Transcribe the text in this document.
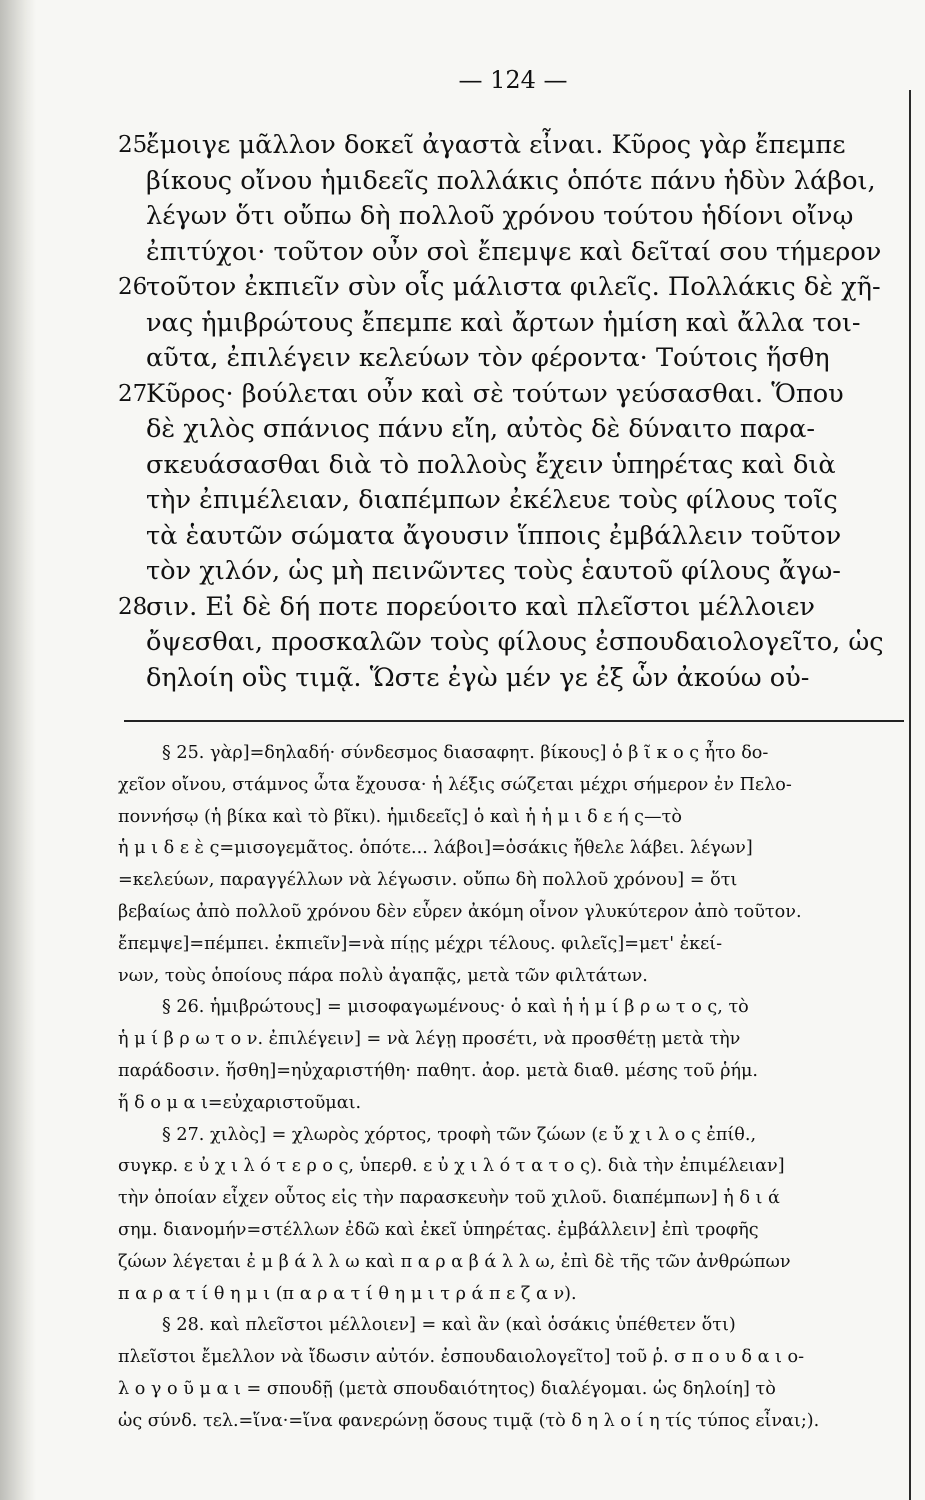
— 124 —
25
ἔμοιγε μᾶλλον δοκεῖ ἀγαστὰ εἶναι. Κῦρος γὰρ ἔπεμπε
βίκους οἴνου ἡμιδεεῖς πολλάκις ὁπότε πάνυ ἡδὺν λάβοι,
λέγων ὅτι οὔπω δὴ πολλοῦ χρόνου τούτου ἡδίονι οἴνῳ
ἐπιτύχοι· τοῦτον οὖν σοὶ ἔπεμψε καὶ δεῖταί σου τήμερον
26
τοῦτον ἐκπιεῖν σὺν οἷς μάλιστα φιλεῖς. Πολλάκις δὲ χῆ-
νας ἡμιβρώτους ἔπεμπε καὶ ἄρτων ἡμίση καὶ ἄλλα τοι-
αῦτα, ἐπιλέγειν κελεύων τὸν φέροντα· Τούτοις ἥσθη
27
Κῦρος· βούλεται οὖν καὶ σὲ τούτων γεύσασθαι. Ὅπου
δὲ χιλὸς σπάνιος πάνυ εἴη, αὐτὸς δὲ δύναιτο παρα-
σκευάσασθαι διὰ τὸ πολλοὺς ἔχειν ὑπηρέτας καὶ διὰ
τὴν ἐπιμέλειαν, διαπέμπων ἐκέλευε τοὺς φίλους τοῖς
τὰ ἑαυτῶν σώματα ἄγουσιν ἵπποις ἐμβάλλειν τοῦτον
τὸν χιλόν, ὡς μὴ πεινῶντες τοὺς ἑαυτοῦ φίλους ἄγω-
28
σιν. Εἰ δὲ δή ποτε πορεύοιτο καὶ πλεῖστοι μέλλοιεν
ὄψεσθαι, προσκαλῶν τοὺς φίλους ἐσπουδαιολογεῖτο, ὡς
δηλοίη οὓς τιμᾷ. Ὥστε ἐγὼ μέν γε ἐξ ὧν ἀκούω οὐ-
§ 25. γὰρ]=δηλαδή· σύνδεσμος διασαφητ. βίκους] ὁ β ῖ κ ο ς ἦτο δο-
χεῖον οἴνου, στάμνος ὦτα ἔχουσα· ἡ λέξις σώζεται μέχρι σήμερον ἐν Πελο-
ποννήσῳ (ἡ βίκα καὶ τὸ βῖκι). ἡμιδεεῖς] ὁ καὶ ἡ ἡ μ ι δ ε ή ς—τὸ
ἡ μ ι δ ε ὲ ς=μισογεμᾶτος. ὁπότε... λάβοι]=ὁσάκις ἤθελε λάβει. λέγων]
=κελεύων, παραγγέλλων νὰ λέγωσιν. οὔπω δὴ πολλοῦ χρόνου] = ὅτι
βεβαίως ἀπὸ πολλοῦ χρόνου δὲν εὗρεν ἀκόμη οἶνον γλυκύτερον ἀπὸ τοῦτον.
ἔπεμψε]=πέμπει. ἐκπιεῖν]=νὰ πίῃς μέχρι τέλους. φιλεῖς]=μετ' ἐκεί-
νων, τοὺς ὁποίους πάρα πολὺ ἀγαπᾷς, μετὰ τῶν φιλτάτων.
§ 26. ἡμιβρώτους] = μισοφαγωμένους· ὁ καὶ ἡ ἡ μ ί β ρ ω τ ο ς, τὸ
ἡ μ ί β ρ ω τ ο ν. ἐπιλέγειν] = νὰ λέγῃ προσέτι, νὰ προσθέτῃ μετὰ τὴν
παράδοσιν. ἥσθη]=ηὐχαριστήθη· παθητ. ἀορ. μετὰ διαθ. μέσης τοῦ ῥήμ.
ἥ δ ο μ α ι=εὐχαριστοῦμαι.
§ 27. χιλὸς] = χλωρὸς χόρτος, τροφὴ τῶν ζώων (ε ὔ χ ι λ ο ς ἐπίθ.,
συγκρ. ε ὐ χ ι λ ό τ ε ρ ο ς, ὑπερθ. ε ὐ χ ι λ ό τ α τ ο ς). διὰ τὴν ἐπιμέλειαν]
τὴν ὁποίαν εἶχεν οὗτος εἰς τὴν παρασκευὴν τοῦ χιλοῦ. διαπέμπων] ἡ δ ι ά
σημ. διανομήν=στέλλων ἐδῶ καὶ ἐκεῖ ὑπηρέτας. ἐμβάλλειν] ἐπὶ τροφῆς
ζώων λέγεται ἐ μ β ά λ λ ω καὶ π α ρ α β ά λ λ ω, ἐπὶ δὲ τῆς τῶν ἀνθρώπων
π α ρ α τ ί θ η μ ι (π α ρ α τ ί θ η μ ι τ ρ ά π ε ζ α ν).
§ 28. καὶ πλεῖστοι μέλλοιεν] = καὶ ἂν (καὶ ὁσάκις ὑπέθετεν ὅτι)
πλεῖστοι ἔμελλον νὰ ἴδωσιν αὐτόν. ἐσπουδαιολογεῖτο] τοῦ ῥ. σ π ο υ δ α ι ο-
λ ο γ ο ῦ μ α ι = σπουδῇ (μετὰ σπουδαιότητος) διαλέγομαι. ὡς δηλοίη] τὸ
ὡς σύνδ. τελ.=ἵνα·=ἵνα φανερώνῃ ὅσους τιμᾷ (τὸ δ η λ ο ί η τίς τύπος εἶναι;).
